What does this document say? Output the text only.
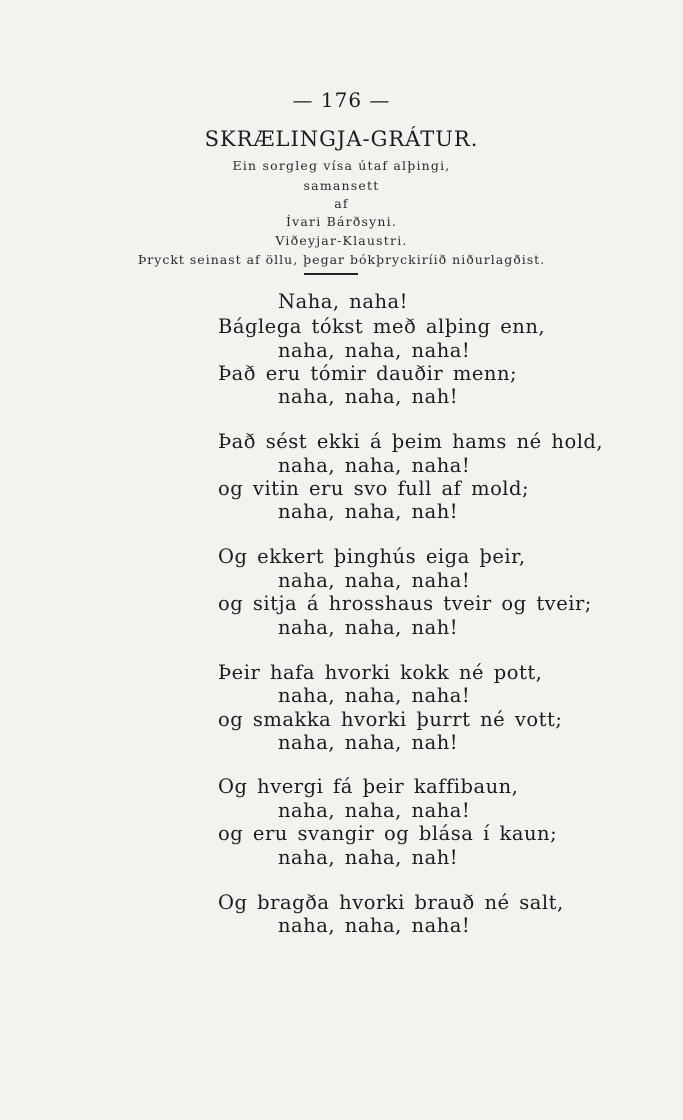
— 176 —
SKRÆLINGJA-GRÁTUR.
Ein sorgleg vísa útaf alþingi,
samansett
af
Ívari Bárðsyni.
Viðeyjar-Klaustri.
Þryckt seinast af öllu, þegar bókþryckiríið niðurlagðist.
Naha, naha!
Báglega tókst með alþing enn,
naha, naha, naha!
Það eru tómir dauðir menn;
naha, naha, nah!
Það sést ekki á þeim hams né hold,
naha, naha, naha!
og vitin eru svo full af mold;
naha, naha, nah!
Og ekkert þinghús eiga þeir,
naha, naha, naha!
og sitja á hrosshaus tveir og tveir;
naha, naha, nah!
Þeir hafa hvorki kokk né pott,
naha, naha, naha!
og smakka hvorki þurrt né vott;
naha, naha, nah!
Og hvergi fá þeir kaffibaun,
naha, naha, naha!
og eru svangir og blása í kaun;
naha, naha, nah!
Og bragða hvorki brauð né salt,
naha, naha, naha!
